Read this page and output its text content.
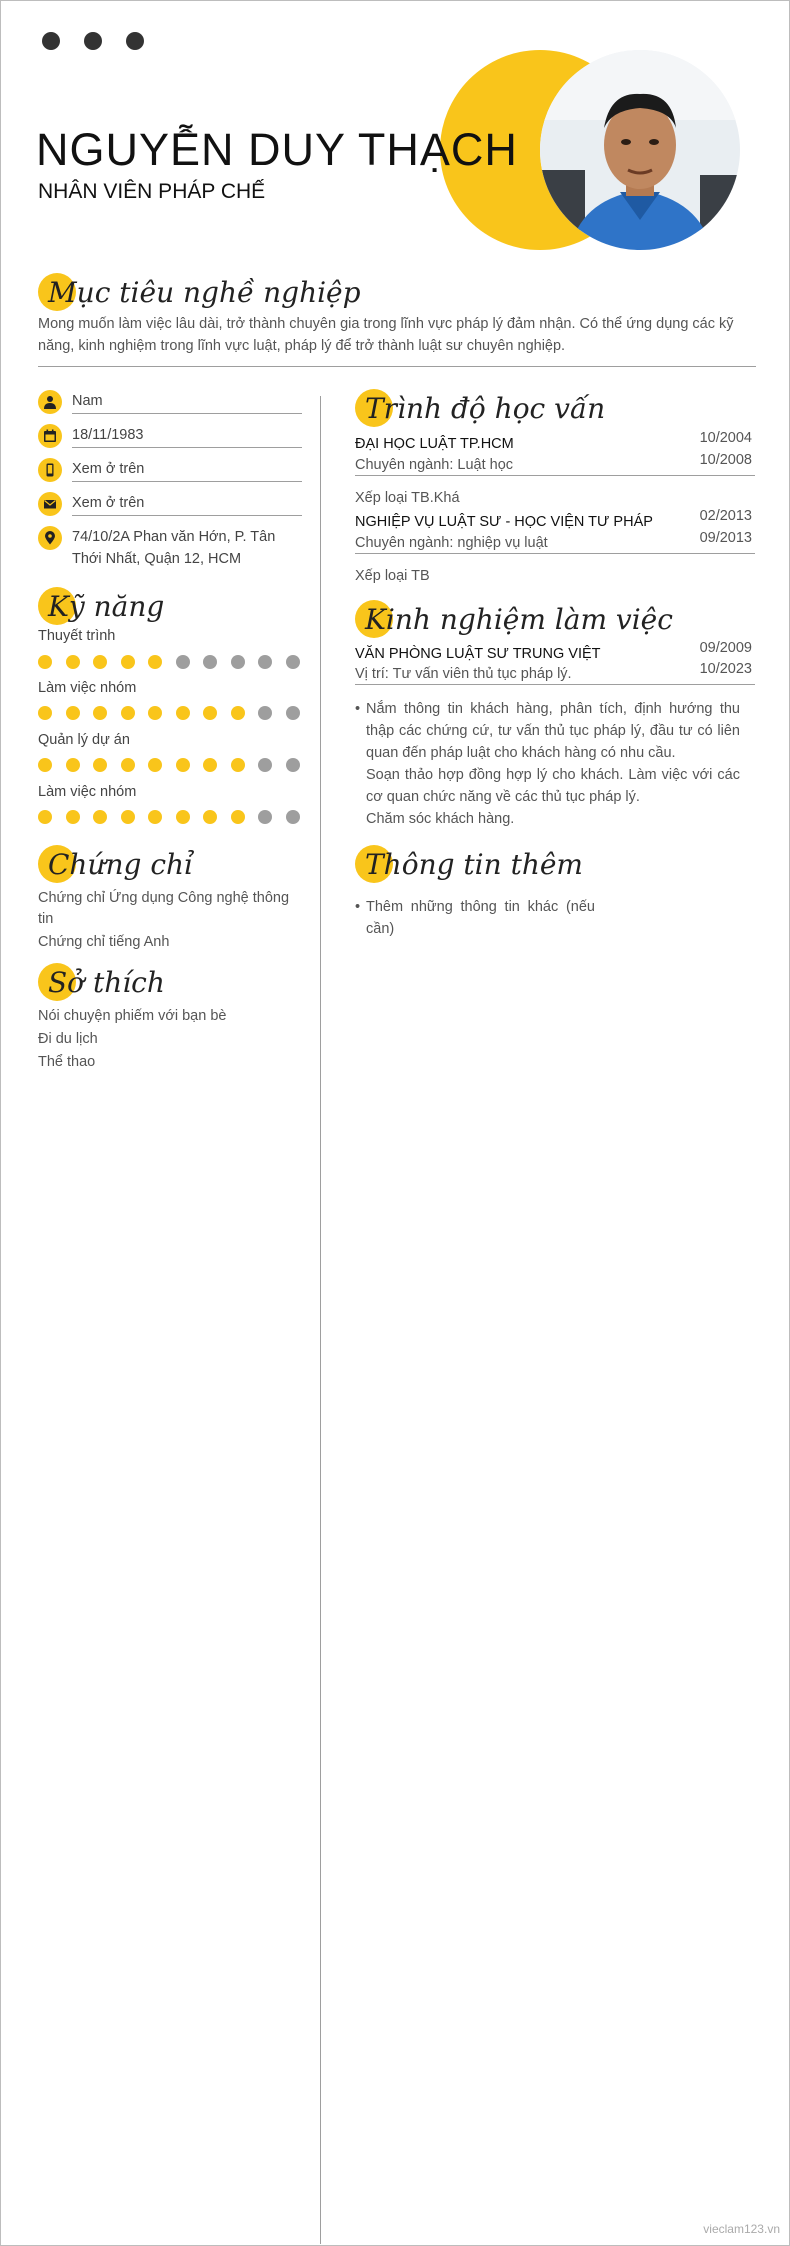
NGUYỄN DUY THẠCH
NHÂN VIÊN PHÁP CHẾ
Mục tiêu nghề nghiệp
Mong muốn làm việc lâu dài, trở thành chuyên gia trong lĩnh vực pháp lý đảm nhận. Có thể ứng dụng các kỹ năng, kinh nghiệm trong lĩnh vực luật, pháp lý để trở thành luật sư chuyên nghiệp.
Nam
18/11/1983
Xem ở trên
Xem ở trên
74/10/2A Phan văn Hớn, P. Tân Thới Nhất, Quận 12, HCM
Kỹ năng
Thuyết trình
Làm việc nhóm
Quản lý dự án
Làm việc nhóm
Chứng chỉ
Chứng chỉ Ứng dụng Công nghệ thông tin
Chứng chỉ tiếng Anh
Sở thích
Nói chuyện phiếm với bạn bè
Đi du lịch
Thể thao
Trình độ học vấn
ĐẠI HỌC LUẬT TP.HCM	10/2004
10/2008
Chuyên ngành: Luật học
Xếp loại TB.Khá
NGHIỆP VỤ LUẬT SƯ - HỌC VIỆN TƯ PHÁP	02/2013
09/2013
Chuyên ngành: nghiệp vụ luật
Xếp loại TB
Kinh nghiệm làm việc
VĂN PHÒNG LUẬT SƯ TRUNG VIỆT	09/2009
10/2023
Vị trí: Tư vấn viên thủ tục pháp lý.
• Nắm thông tin khách hàng, phân tích, định hướng thu thập các chứng cứ, tư vấn thủ tục pháp lý, đầu tư có liên quan đến pháp luật cho khách hàng có nhu cầu.
Soạn thảo hợp đồng hợp lý cho khách. Làm việc với các cơ quan chức năng về các thủ tục pháp lý.
Chăm sóc khách hàng.
Thông tin thêm
• Thêm những thông tin khác (nếu cần)
vieclam123.vn
